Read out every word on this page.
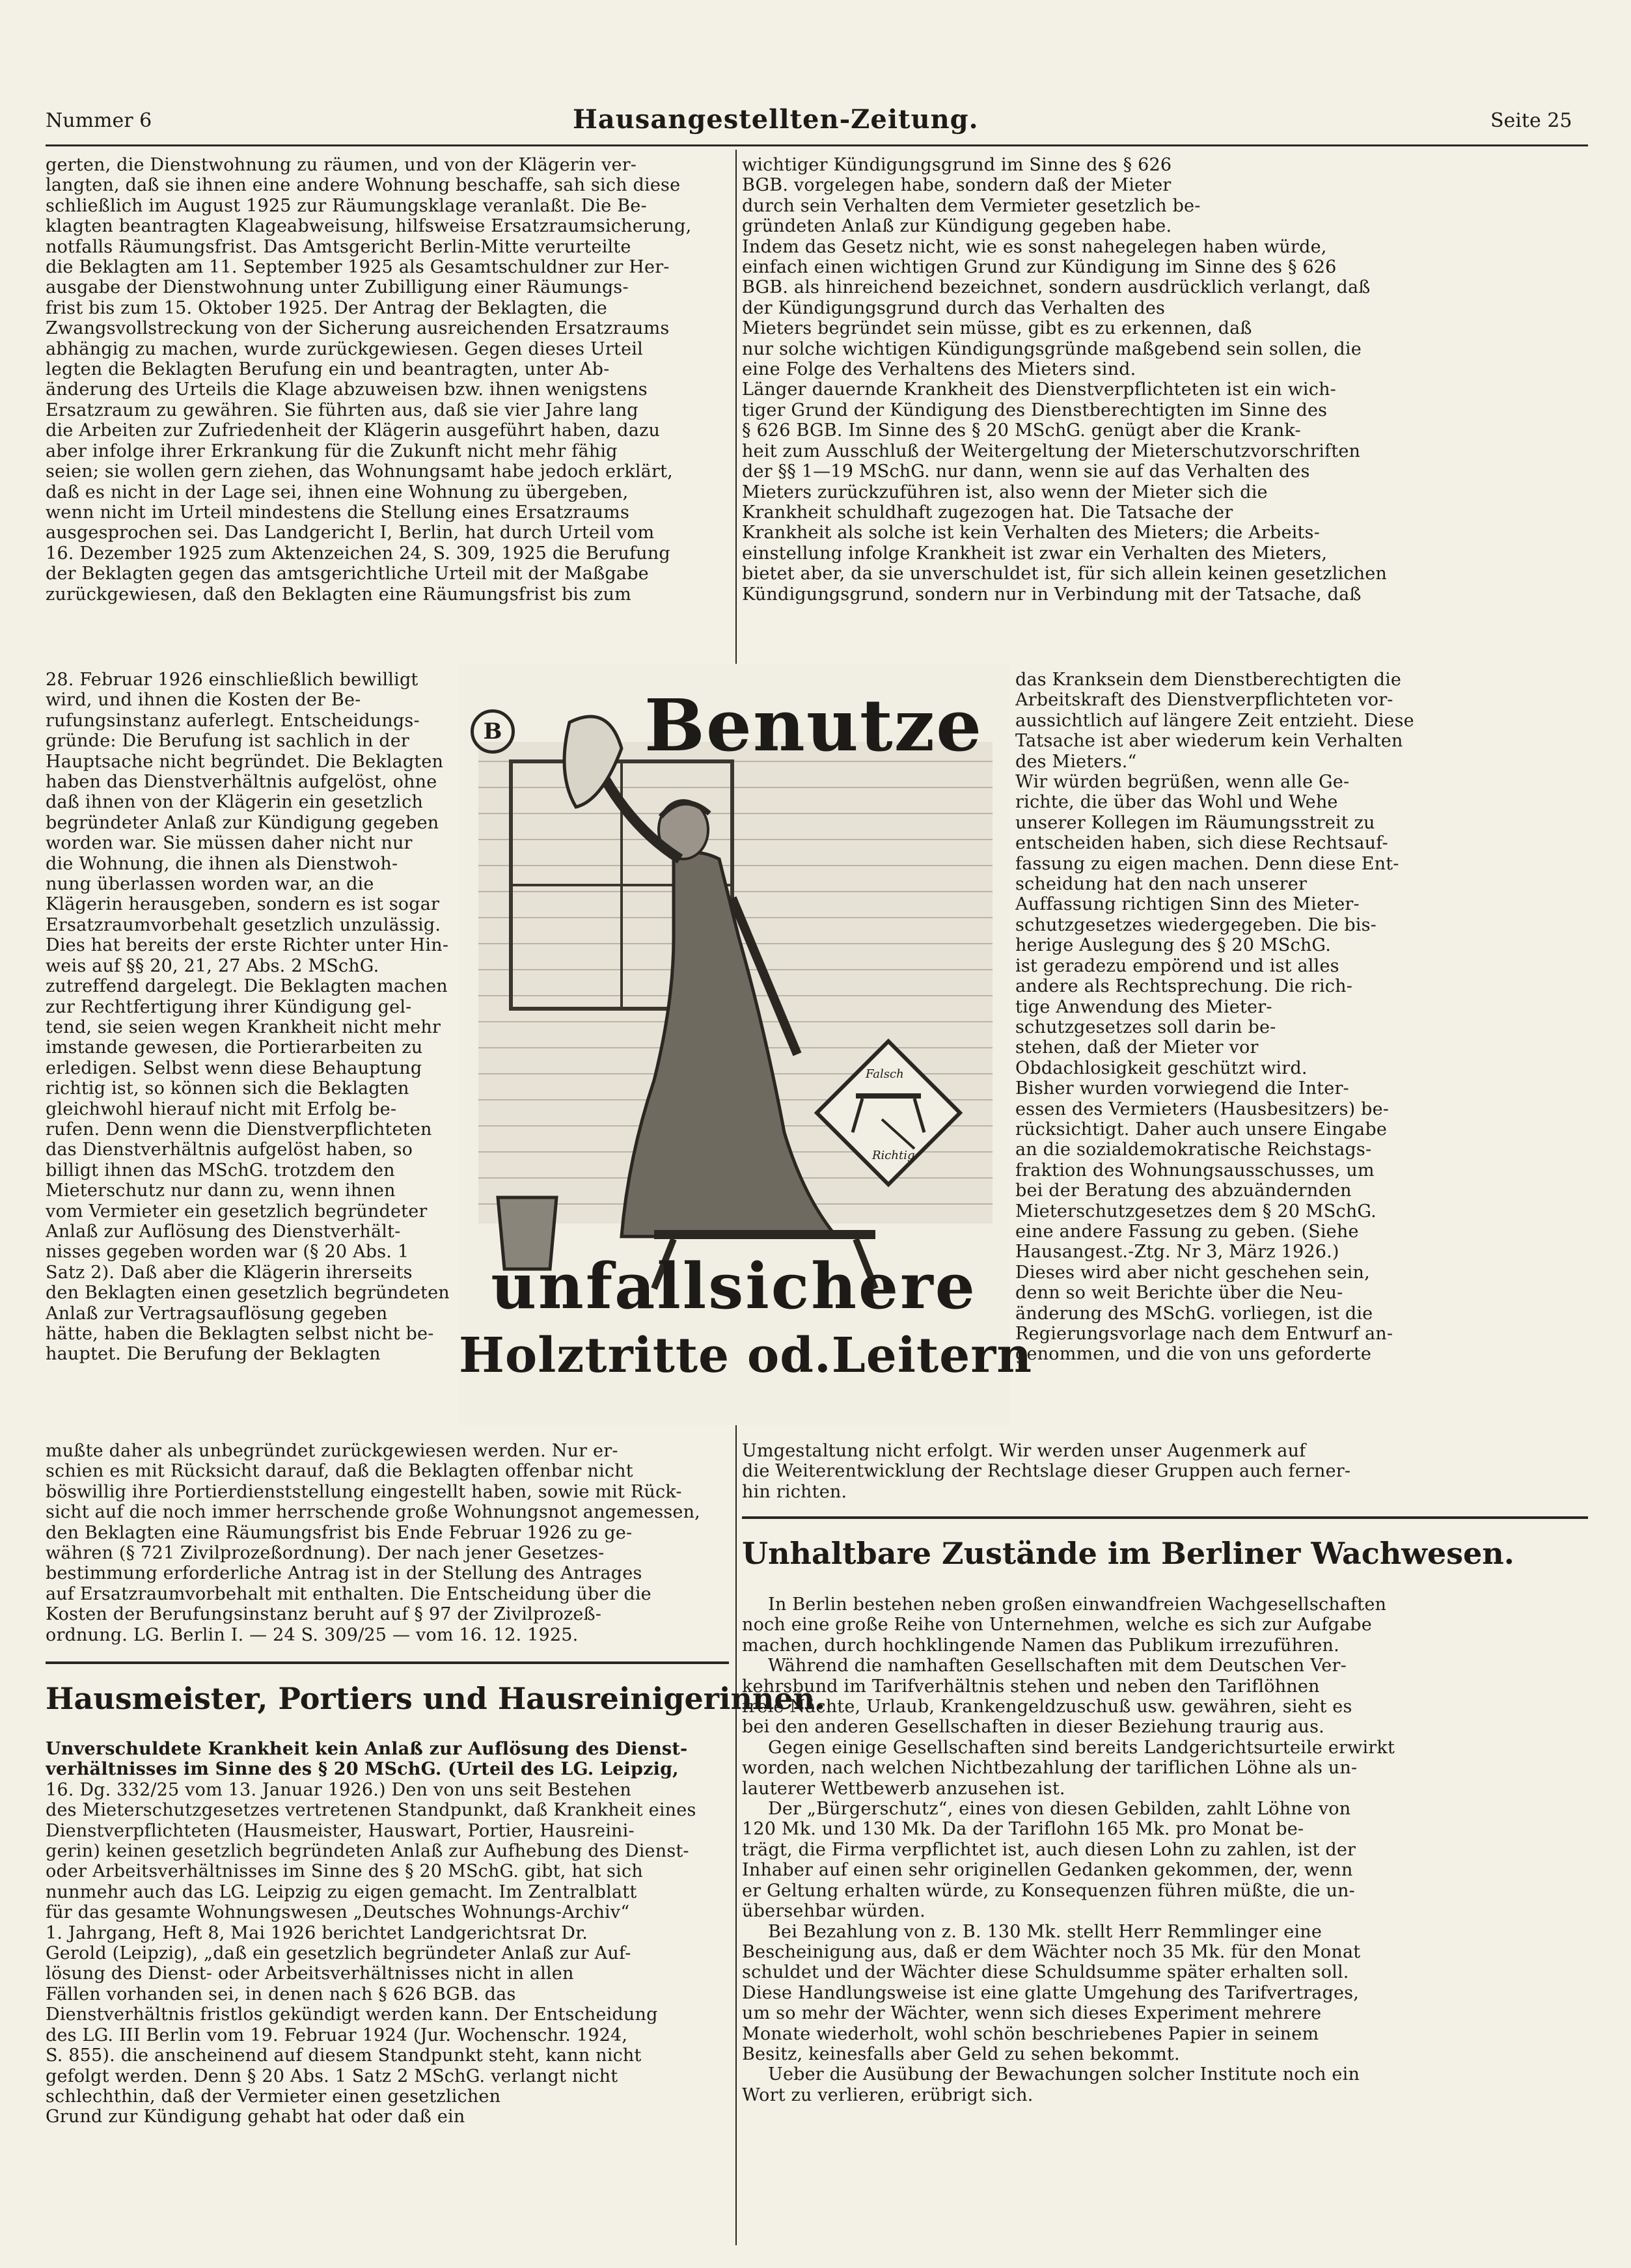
Nummer 6	Hausangestellten-Zeitung.	Seite 25

gerten, die Dienstwohnung zu räumen, und von der Klägerin ver-

langten, daß sie ihnen eine andere Wohnung beschaffe, sah sich diese

schließlich im August 1925 zur Räumungsklage veranlaßt. Die Be-

klagten beantragten Klageabweisung, hilfsweise Ersatzraumsicherung,

notfalls Räumungsfrist. Das Amtsgericht Berlin-Mitte verurteilte

die Beklagten am 11. September 1925 als Gesamtschuldner zur Her-

ausgabe der Dienstwohnung unter Zubilligung einer Räumungs-

frist bis zum 15. Oktober 1925. Der Antrag der Beklagten, die

Zwangsvollstreckung von der Sicherung ausreichenden Ersatzraums

abhängig zu machen, wurde zurückgewiesen. Gegen dieses Urteil

legten die Beklagten Berufung ein und beantragten, unter Ab-

änderung des Urteils die Klage abzuweisen bzw. ihnen wenigstens

Ersatzraum zu gewähren. Sie führten aus, daß sie vier Jahre lang

die Arbeiten zur Zufriedenheit der Klägerin ausgeführt haben, dazu

aber infolge ihrer Erkrankung für die Zukunft nicht mehr fähig

seien; sie wollen gern ziehen, das Wohnungsamt habe jedoch erklärt,

daß es nicht in der Lage sei, ihnen eine Wohnung zu übergeben,

wenn nicht im Urteil mindestens die Stellung eines Ersatzraums

ausgesprochen sei. Das Landgericht I, Berlin, hat durch Urteil vom

16. Dezember 1925 zum Aktenzeichen 24, S. 309, 1925 die Berufung

der Beklagten gegen das amtsgerichtliche Urteil mit der Maßgabe

zurückgewiesen, daß den Beklagten eine Räumungsfrist bis zum

28. Februar 1926 einschließlich bewilligt

wird, und ihnen die Kosten der Be-

rufungsinstanz auferlegt. Entscheidungs-

gründe: Die Berufung ist sachlich in der

Hauptsache nicht begründet. Die Beklagten

haben das Dienstverhältnis aufgelöst, ohne

daß ihnen von der Klägerin ein gesetzlich

begründeter Anlaß zur Kündigung gegeben

worden war. Sie müssen daher nicht nur

die Wohnung, die ihnen als Dienstwoh-

nung überlassen worden war, an die

Klägerin herausgeben, sondern es ist sogar

Ersatzraumvorbehalt gesetzlich unzulässig.

Dies hat bereits der erste Richter unter Hin-

weis auf §§ 20, 21, 27 Abs. 2 MSchG.

zutreffend dargelegt. Die Beklagten machen

zur Rechtfertigung ihrer Kündigung gel-

tend, sie seien wegen Krankheit nicht mehr

imstande gewesen, die Portierarbeiten zu

erledigen. Selbst wenn diese Behauptung

richtig ist, so können sich die Beklagten

gleichwohl hierauf nicht mit Erfolg be-

rufen. Denn wenn die Dienstverpflichteten

das Dienstverhältnis aufgelöst haben, so

billigt ihnen das MSchG. trotzdem den

Mieterschutz nur dann zu, wenn ihnen

vom Vermieter ein gesetzlich begründeter

Anlaß zur Auflösung des Dienstverhält-

nisses gegeben worden war (§ 20 Abs. 1

Satz 2). Daß aber die Klägerin ihrerseits

den Beklagten einen gesetzlich begründeten

Anlaß zur Vertragsauflösung gegeben

hätte, haben die Beklagten selbst nicht be-

hauptet. Die Berufung der Beklagten

mußte daher als unbegründet zurückgewiesen werden. Nur er-

schien es mit Rücksicht darauf, daß die Beklagten offenbar nicht

böswillig ihre Portierdienststellung eingestellt haben, sowie mit Rück-

sicht auf die noch immer herrschende große Wohnungsnot angemessen,

den Beklagten eine Räumungsfrist bis Ende Februar 1926 zu ge-

währen (§ 721 Zivilprozeßordnung). Der nach jener Gesetzes-

bestimmung erforderliche Antrag ist in der Stellung des Antrages

auf Ersatzraumvorbehalt mit enthalten. Die Entscheidung über die

Kosten der Berufungsinstanz beruht auf § 97 der Zivilprozeß-

ordnung. LG. Berlin I. — 24 S. 309/25 — vom 16. 12. 1925.

Hausmeister, Portiers und Hausreinigerinnen.

Unverschuldete Krankheit kein Anlaß zur Auflösung des Dienst-

verhältnisses im Sinne des § 20 MSchG. (Urteil des LG. Leipzig,

16. Dg. 332/25 vom 13. Januar 1926.) Den von uns seit Bestehen

des Mieterschutzgesetzes vertretenen Standpunkt, daß Krankheit eines

Dienstverpflichteten (Hausmeister, Hauswart, Portier, Hausreini-

gerin) keinen gesetzlich begründeten Anlaß zur Aufhebung des Dienst-

oder Arbeitsverhältnisses im Sinne des § 20 MSchG. gibt, hat sich

nunmehr auch das LG. Leipzig zu eigen gemacht. Im Zentralblatt

für das gesamte Wohnungswesen „Deutsches Wohnungs-Archiv“

1. Jahrgang, Heft 8, Mai 1926 berichtet Landgerichtsrat Dr.

Gerold (Leipzig), „daß ein gesetzlich begründeter Anlaß zur Auf-

lösung des Dienst- oder Arbeitsverhältnisses nicht in allen

Fällen vorhanden sei, in denen nach § 626 BGB. das

Dienstverhältnis fristlos gekündigt werden kann. Der Entscheidung

des LG. III Berlin vom 19. Februar 1924 (Jur. Wochenschr. 1924,

S. 855). die anscheinend auf diesem Standpunkt steht, kann nicht

gefolgt werden. Denn § 20 Abs. 1 Satz 2 MSchG. verlangt nicht

schlechthin, daß der Vermieter einen gesetzlichen

Grund zur Kündigung gehabt hat oder daß ein

wichtiger Kündigungsgrund im Sinne des § 626

BGB. vorgelegen habe, sondern daß der Mieter

durch sein Verhalten dem Vermieter gesetzlich be-

gründeten Anlaß zur Kündigung gegeben habe.

Indem das Gesetz nicht, wie es sonst nahegelegen haben würde,

einfach einen wichtigen Grund zur Kündigung im Sinne des § 626

BGB. als hinreichend bezeichnet, sondern ausdrücklich verlangt, daß

der Kündigungsgrund durch das Verhalten des

Mieters begründet sein müsse, gibt es zu erkennen, daß

nur solche wichtigen Kündigungsgründe maßgebend sein sollen, die

eine Folge des Verhaltens des Mieters sind.

Länger dauernde Krankheit des Dienstverpflichteten ist ein wich-

tiger Grund der Kündigung des Dienstberechtigten im Sinne des

§ 626 BGB. Im Sinne des § 20 MSchG. genügt aber die Krank-

heit zum Ausschluß der Weitergeltung der Mieterschutzvorschriften

der §§ 1—19 MSchG. nur dann, wenn sie auf das Verhalten des

Mieters zurückzuführen ist, also wenn der Mieter sich die

Krankheit schuldhaft zugezogen hat. Die Tatsache der

Krankheit als solche ist kein Verhalten des Mieters; die Arbeits-

einstellung infolge Krankheit ist zwar ein Verhalten des Mieters,

bietet aber, da sie unverschuldet ist, für sich allein keinen gesetzlichen

Kündigungsgrund, sondern nur in Verbindung mit der Tatsache, daß

das Kranksein dem Dienstberechtigten die

Arbeitskraft des Dienstverpflichteten vor-

aussichtlich auf längere Zeit entzieht. Diese

Tatsache ist aber wiederum kein Verhalten

des Mieters.“

Wir würden begrüßen, wenn alle Ge-

richte, die über das Wohl und Wehe

unserer Kollegen im Räumungsstreit zu

entscheiden haben, sich diese Rechtsauf-

fassung zu eigen machen. Denn diese Ent-

scheidung hat den nach unserer

Auffassung richtigen Sinn des Mieter-

schutzgesetzes wiedergegeben. Die bis-

herige Auslegung des § 20 MSchG.

ist geradezu empörend und ist alles

andere als Rechtsprechung. Die rich-

tige Anwendung des Mieter-

schutzgesetzes soll darin be-

stehen, daß der Mieter vor

Obdachlosigkeit geschützt wird.

Bisher wurden vorwiegend die Inter-

essen des Vermieters (Hausbesitzers) be-

rücksichtigt. Daher auch unsere Eingabe

an die sozialdemokratische Reichstags-

fraktion des Wohnungsausschusses, um

bei der Beratung des abzuändernden

Mieterschutzgesetzes dem § 20 MSchG.

eine andere Fassung zu geben. (Siehe

Hausangest.-Ztg. Nr 3, März 1926.)

Dieses wird aber nicht geschehen sein,

denn so weit Berichte über die Neu-

änderung des MSchG. vorliegen, ist die

Regierungsvorlage nach dem Entwurf an-

genommen, und die von uns geforderte

Umgestaltung nicht erfolgt. Wir werden unser Augenmerk auf

die Weiterentwicklung der Rechtslage dieser Gruppen auch ferner-

hin richten.

Unhaltbare Zustände im Berliner Wachwesen.

In Berlin bestehen neben großen einwandfreien Wachgesellschaften

noch eine große Reihe von Unternehmen, welche es sich zur Aufgabe

machen, durch hochklingende Namen das Publikum irrezuführen.

Während die namhaften Gesellschaften mit dem Deutschen Ver-

kehrsbund im Tarifverhältnis stehen und neben den Tariflöhnen

freie Nächte, Urlaub, Krankengeldzuschuß usw. gewähren, sieht es

bei den anderen Gesellschaften in dieser Beziehung traurig aus.

Gegen einige Gesellschaften sind bereits Landgerichtsurteile erwirkt

worden, nach welchen Nichtbezahlung der tariflichen Löhne als un-

lauterer Wettbewerb anzusehen ist.

Der „Bürgerschutz“, eines von diesen Gebilden, zahlt Löhne von

120 Mk. und 130 Mk. Da der Tariflohn 165 Mk. pro Monat be-

trägt, die Firma verpflichtet ist, auch diesen Lohn zu zahlen, ist der

Inhaber auf einen sehr originellen Gedanken gekommen, der, wenn

er Geltung erhalten würde, zu Konsequenzen führen müßte, die un-

übersehbar würden.

Bei Bezahlung von z. B. 130 Mk. stellt Herr Remmlinger eine

Bescheinigung aus, daß er dem Wächter noch 35 Mk. für den Monat

schuldet und der Wächter diese Schuldsumme später erhalten soll.

Diese Handlungsweise ist eine glatte Umgehung des Tarifvertrages,

um so mehr der Wächter, wenn sich dieses Experiment mehrere

Monate wiederholt, wohl schön beschriebenes Papier in seinem

Besitz, keinesfalls aber Geld zu sehen bekommt.

Ueber die Ausübung der Bewachungen solcher Institute noch ein

Wort zu verlieren, erübrigt sich.

B	Benutze
Falsch
Richtig
unfallsichere
Holztritte od.Leitern
